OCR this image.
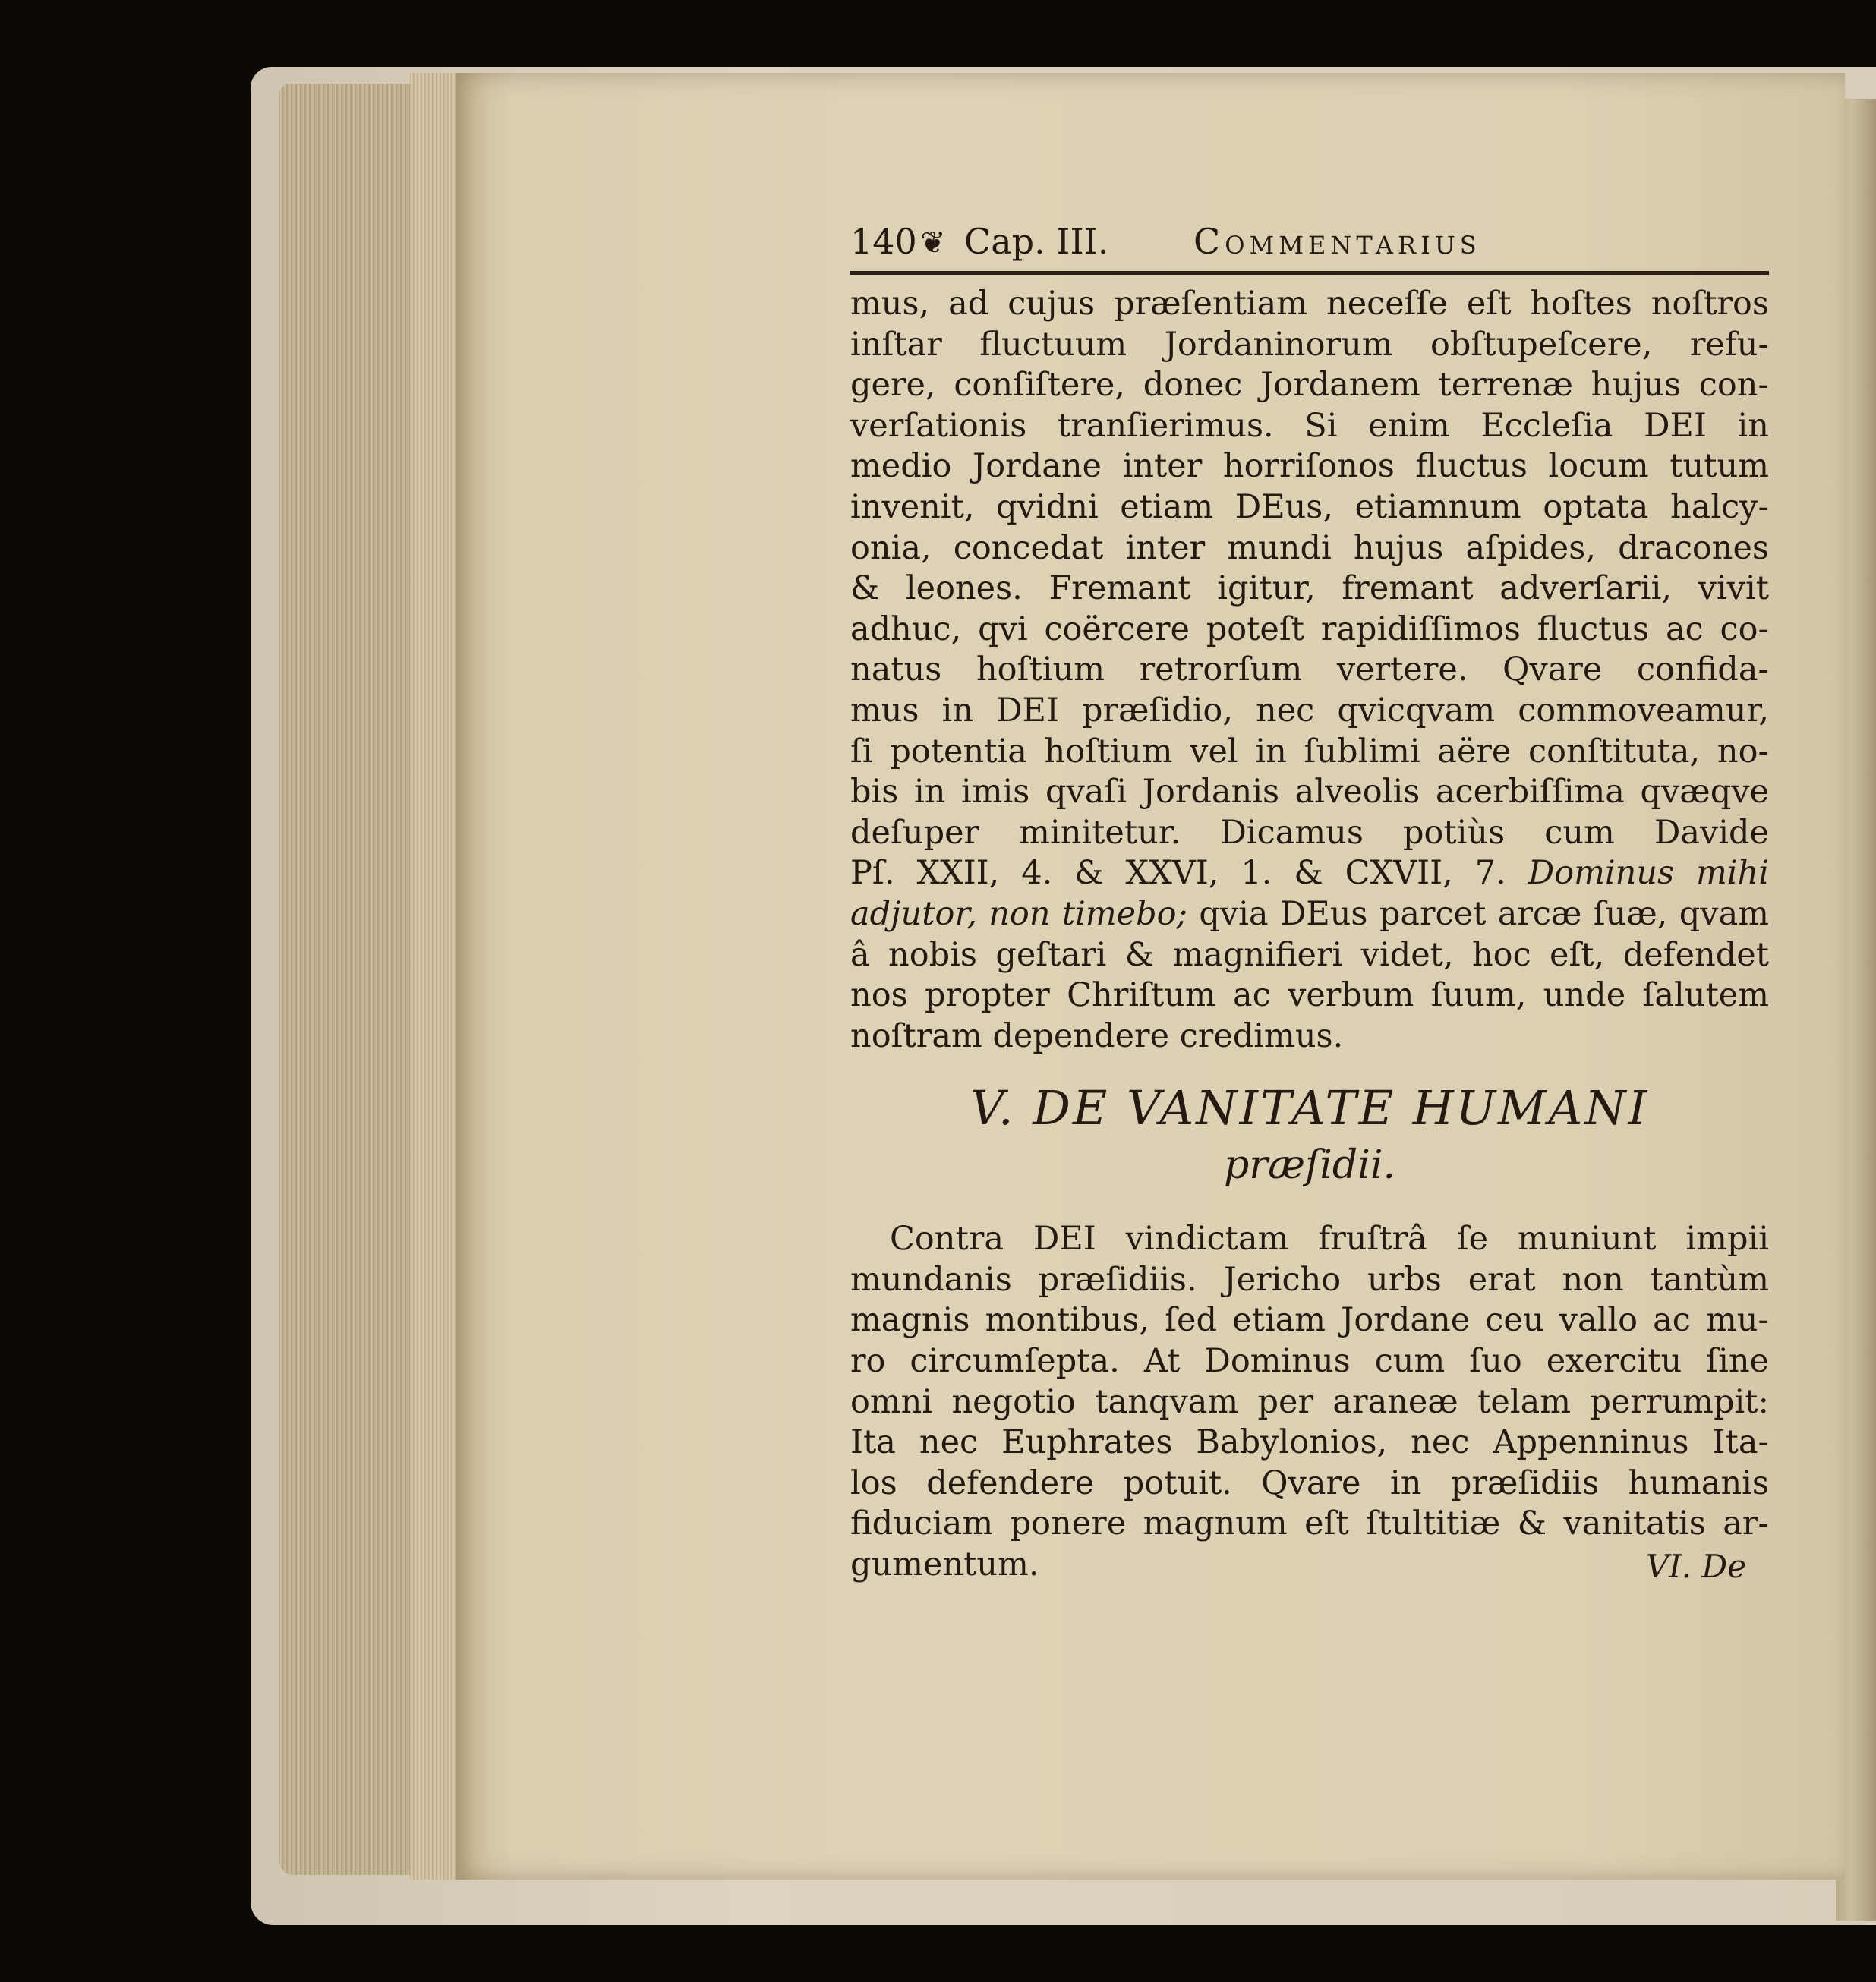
140 ❦ Cap. III. Commentarius

mus, ad cujus præſentiam neceſſe eſt hoſtes noſtros

inſtar fluctuum Jordaninorum obſtupeſcere, refu-

gere, conſiſtere, donec Jordanem terrenæ hujus con-

verſationis tranſierimus. Si enim Eccleſia DEI in

medio Jordane inter horriſonos fluctus locum tutum

invenit, qvidni etiam DEus, etiamnum optata halcy-

onia, concedat inter mundi hujus aſpides, dracones

& leones. Fremant igitur, fremant adverſarii, vivit

adhuc, qvi coërcere poteſt rapidiſſimos fluctus ac co-

natus hoſtium retrorſum vertere. Qvare confida-

mus in DEI præſidio, nec qvicqvam commoveamur,

ſi potentia hoſtium vel in ſublimi aëre conſtituta, no-

bis in imis qvaſi Jordanis alveolis acerbiſſima qvæqve

deſuper minitetur. Dicamus potiùs cum Davide

Pſ. XXII, 4. & XXVI, 1. & CXVII, 7. Dominus mihi

adjutor, non timebo; qvia DEus parcet arcæ ſuæ, qvam

â nobis geſtari & magnifieri videt, hoc eſt, defendet

nos propter Chriſtum ac verbum ſuum, unde ſalutem

noſtram dependere credimus.

V. DE VANITATE HUMANI
præſidii.

Contra DEI vindictam fruſtrâ ſe muniunt impii

mundanis præſidiis. Jericho urbs erat non tantùm

magnis montibus, ſed etiam Jordane ceu vallo ac mu-

ro circumſepta. At Dominus cum ſuo exercitu ſine

omni negotio tanqvam per araneæ telam perrumpit:

Ita nec Euphrates Babylonios, nec Appenninus Ita-

los defendere potuit. Qvare in præſidiis humanis

fiduciam ponere magnum eſt ſtultitiæ & vanitatis ar-

gumentum.	VI. De
